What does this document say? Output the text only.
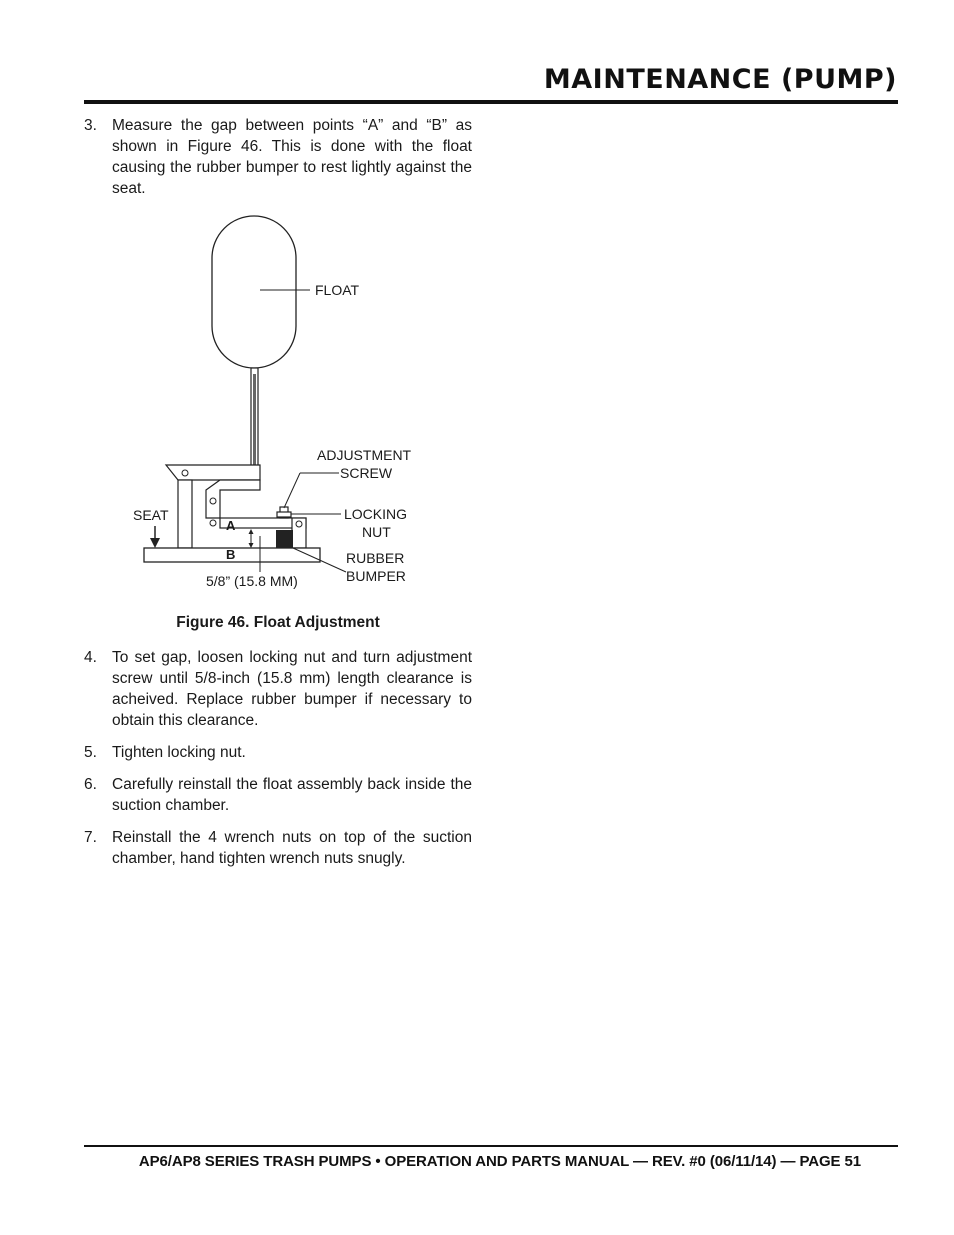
MAINTENANCE (PUMP)
3. Measure the gap between points “A” and “B” as shown in Figure 46. This is done with the float causing the rubber bumper to rest lightly against the seat.
FLOAT
SEAT
A
B
5/8” (15.8 MM)
ADJUSTMENT
SCREW
LOCKING
NUT
RUBBER
BUMPER
Figure 46. Float Adjustment
4. To set gap, loosen locking nut and turn adjustment screw until 5/8-inch (15.8 mm) length clearance is acheived. Replace rubber bumper if necessary to obtain this clearance.
5. Tighten locking nut.
6. Carefully reinstall the float assembly back inside the suction chamber.
7. Reinstall the 4 wrench nuts on top of the suction chamber, hand tighten wrench nuts snugly.
AP6/AP8 SERIES TRASH PUMPS • OPERATION AND PARTS MANUAL — REV. #0 (06/11/14) — PAGE 51
